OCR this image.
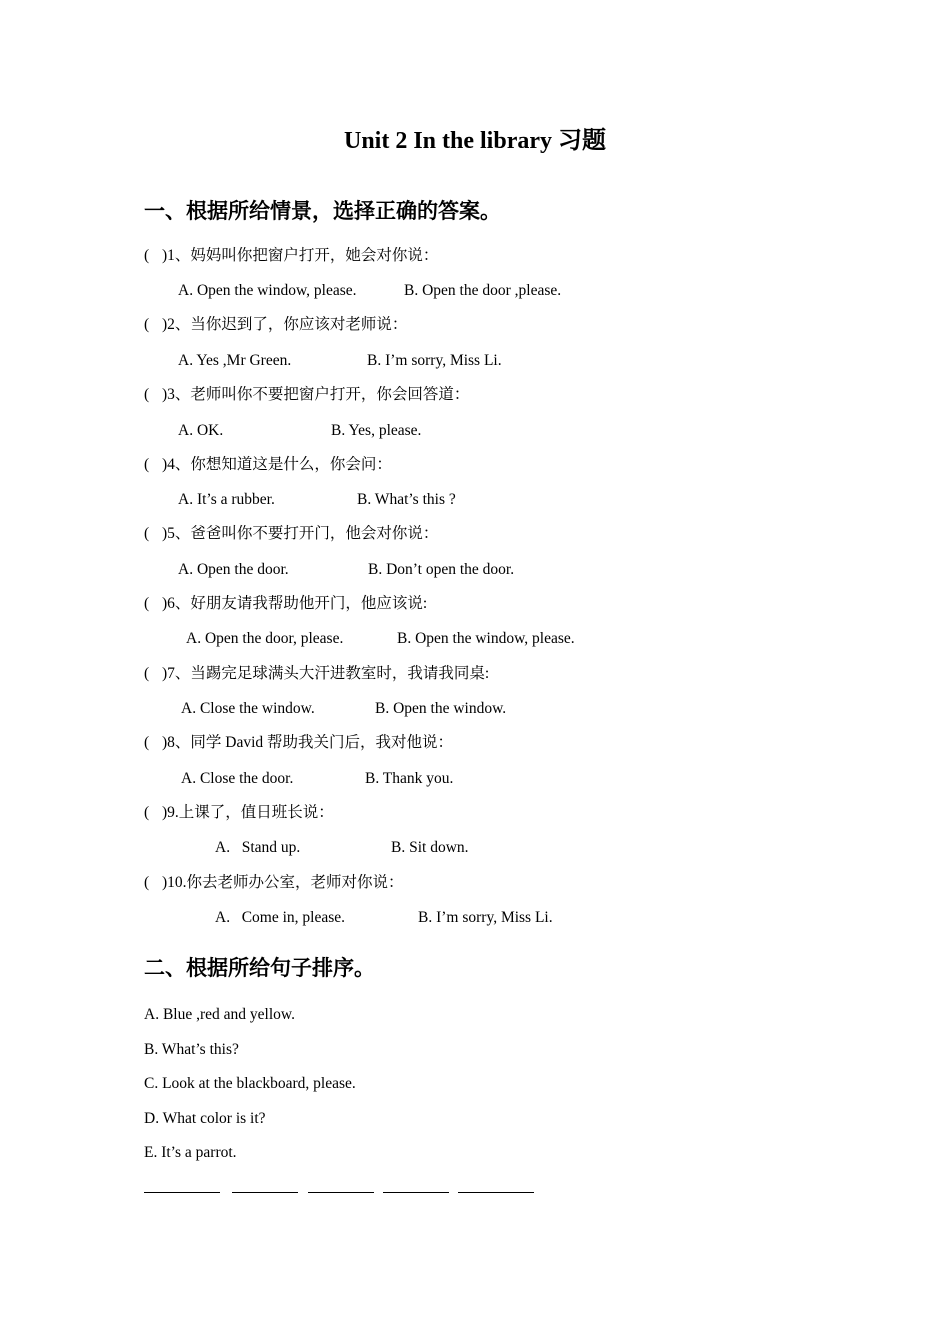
Unit 2 In the library 习题
一、根据所给情景，选择正确的答案。
( )1、妈妈叫你把窗户打开，她会对你说：
A. Open the window, please.	B. Open the door ,please.
( )2、当你迟到了，你应该对老师说：
A. Yes ,Mr Green.	B. I’m sorry, Miss Li.
( )3、老师叫你不要把窗户打开，你会回答道：
A. OK.	B. Yes, please.
( )4、你想知道这是什么，你会问：
A. It’s a rubber.	B. What’s this ?
( )5、爸爸叫你不要打开门，他会对你说：
A. Open the door.	B. Don’t open the door.
( )6、好朋友请我帮助他开门，他应该说:
A. Open the door, please.	B. Open the window, please.
( )7、当踢完足球满头大汗进教室时，我请我同桌:
A. Close the window.	B. Open the window.
( )8、同学 David 帮助我关门后，我对他说：
A. Close the door.	B. Thank you.
( )9.上课了，值日班长说：
A.   Stand up.	B. Sit down.
( )10.你去老师办公室，老师对你说：
A.   Come in, please.	B. I’m sorry, Miss Li.
二、根据所给句子排序。
A. Blue ,red and yellow.
B. What’s this?
C. Look at the blackboard, please.
D. What color is it?
E. It’s a parrot.
